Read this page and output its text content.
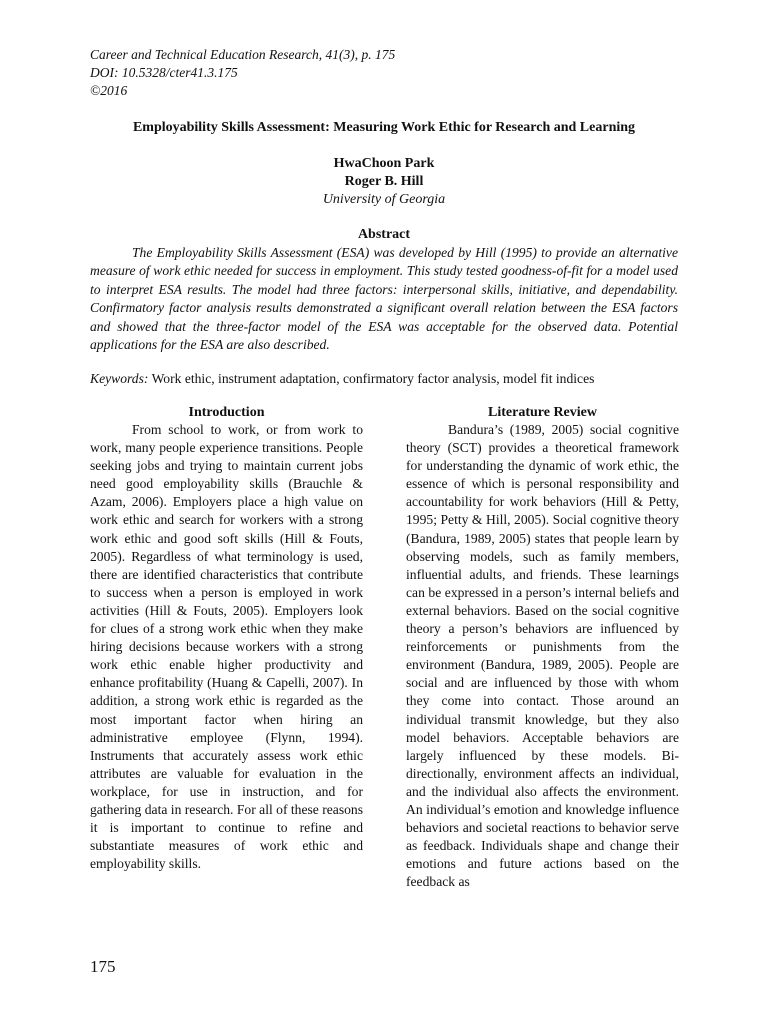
Career and Technical Education Research, 41(3), p. 175
DOI: 10.5328/cter41.3.175
©2016
Employability Skills Assessment: Measuring Work Ethic for Research and Learning
HwaChoon Park
Roger B. Hill
University of Georgia
Abstract
The Employability Skills Assessment (ESA) was developed by Hill (1995) to provide an alternative measure of work ethic needed for success in employment. This study tested goodness-of-fit for a model used to interpret ESA results. The model had three factors: interpersonal skills, initiative, and dependability. Confirmatory factor analysis results demonstrated a significant overall relation between the ESA factors and showed that the three-factor model of the ESA was acceptable for the observed data. Potential applications for the ESA are also described.
Keywords: Work ethic, instrument adaptation, confirmatory factor analysis, model fit indices
Introduction
From school to work, or from work to work, many people experience transitions. People seeking jobs and trying to maintain current jobs need good employability skills (Brauchle & Azam, 2006). Employers place a high value on work ethic and search for workers with a strong work ethic and good soft skills (Hill & Fouts, 2005). Regardless of what terminology is used, there are identified characteristics that contribute to success when a person is employed in work activities (Hill & Fouts, 2005). Employers look for clues of a strong work ethic when they make hiring decisions because workers with a strong work ethic enable higher productivity and enhance profitability (Huang & Capelli, 2007). In addition, a strong work ethic is regarded as the most important factor when hiring an administrative employee (Flynn, 1994). Instruments that accurately assess work ethic attributes are valuable for evaluation in the workplace, for use in instruction, and for gathering data in research. For all of these reasons it is important to continue to refine and substantiate measures of work ethic and employability skills.
Literature Review
Bandura’s (1989, 2005) social cognitive theory (SCT) provides a theoretical framework for understanding the dynamic of work ethic, the essence of which is personal responsibility and accountability for work behaviors (Hill & Petty, 1995; Petty & Hill, 2005). Social cognitive theory (Bandura, 1989, 2005) states that people learn by observing models, such as family members, influential adults, and friends. These learnings can be expressed in a person’s internal beliefs and external behaviors. Based on the social cognitive theory a person’s behaviors are influenced by reinforcements or punishments from the environment (Bandura, 1989, 2005). People are social and are influenced by those with whom they come into contact. Those around an individual transmit knowledge, but they also model behaviors. Acceptable behaviors are largely influenced by these models. Bi-directionally, environment affects an individual, and the individual also affects the environment. An individual’s emotion and knowledge influence behaviors and societal reactions to behavior serve as feedback. Individuals shape and change their emotions and future actions based on the feedback as
175
